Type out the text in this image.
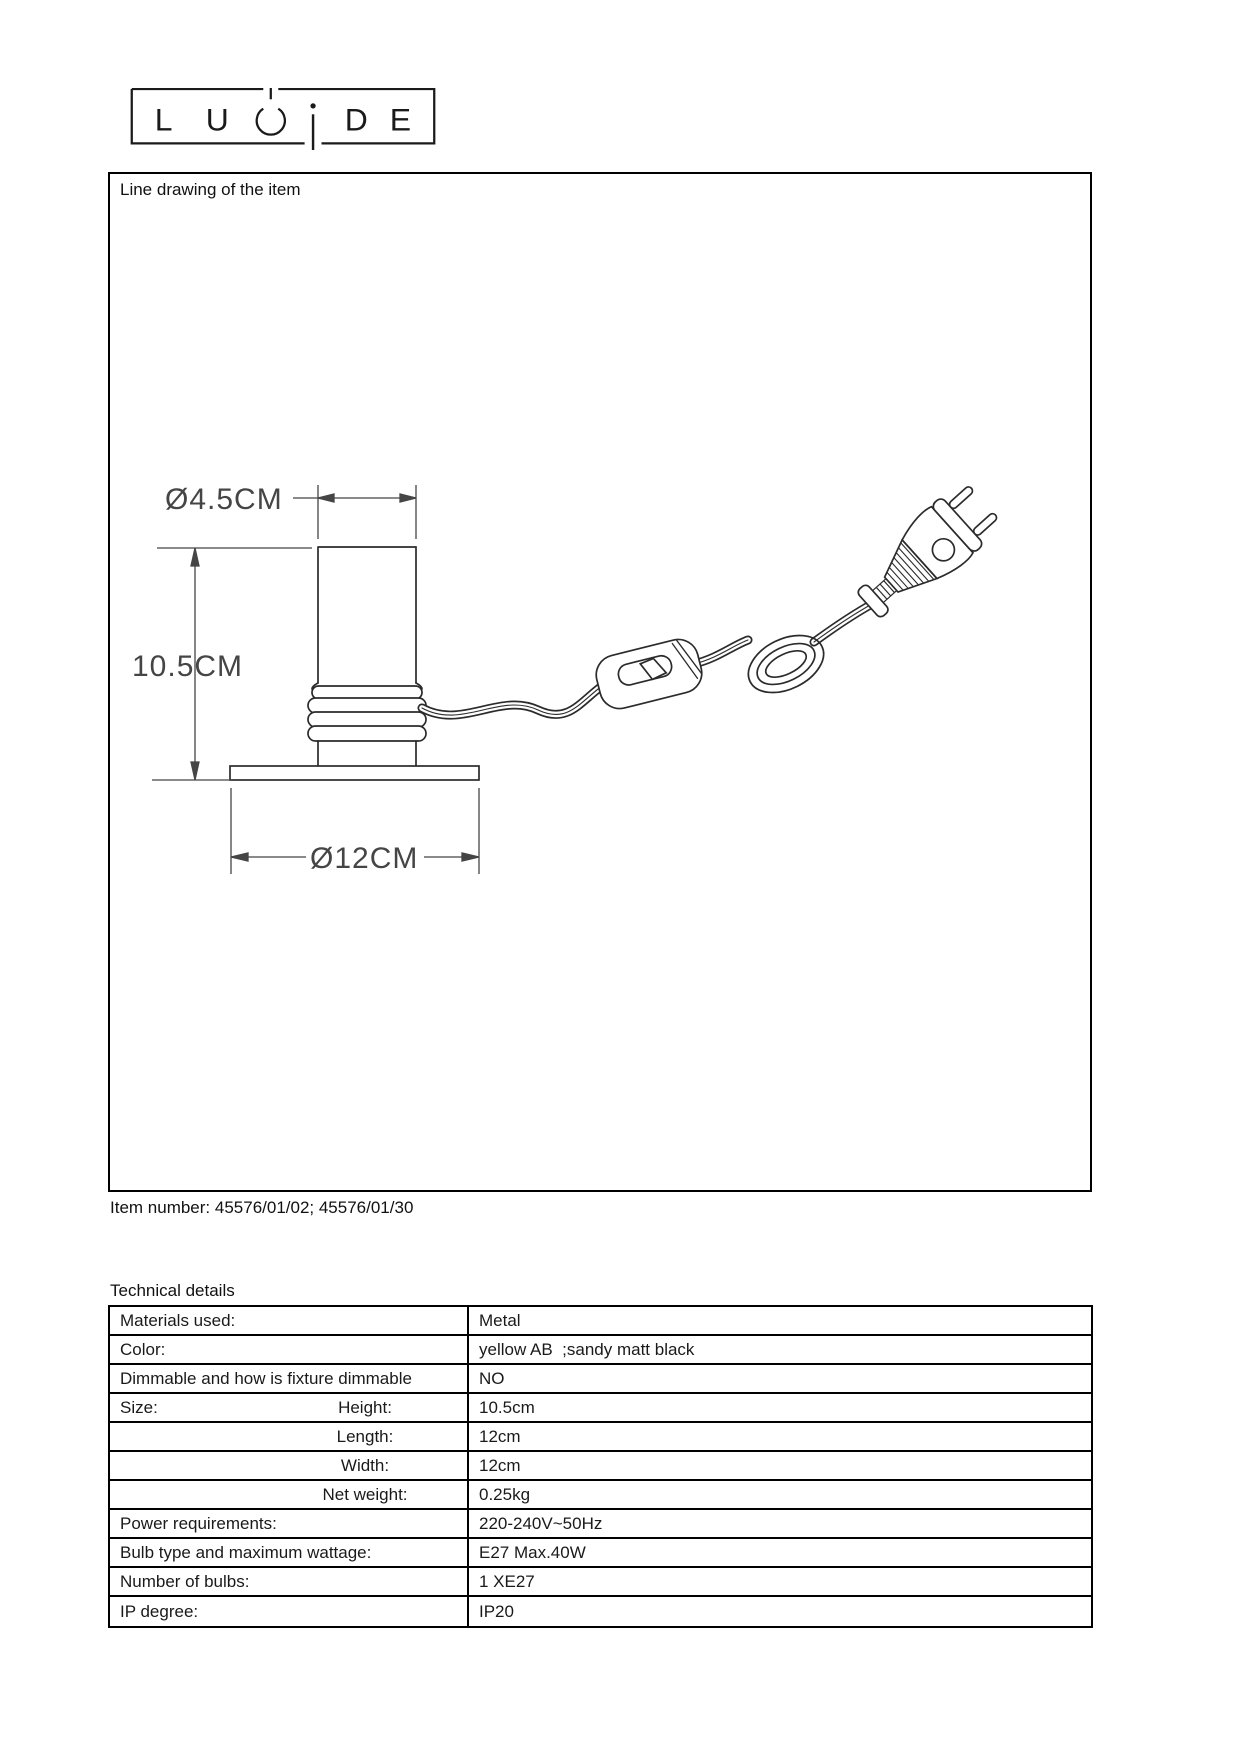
L U	D E
Ø4.5CM
10.5CM
Ø12CM
Line drawing of the item
Item number: 45576/01/02; 45576/01/30
Technical details
Materials used:	Metal
Color:	yellow AB  ;sandy matt black
Dimmable and how is fixture dimmable	NO
Size:	Height:	10.5cm
Length:	12cm
Width:	12cm
Net weight:	0.25kg
Power requirements:	220-240V~50Hz
Bulb type and maximum wattage:	E27 Max.40W
Number of bulbs:	1 XE27
IP degree:	IP20
